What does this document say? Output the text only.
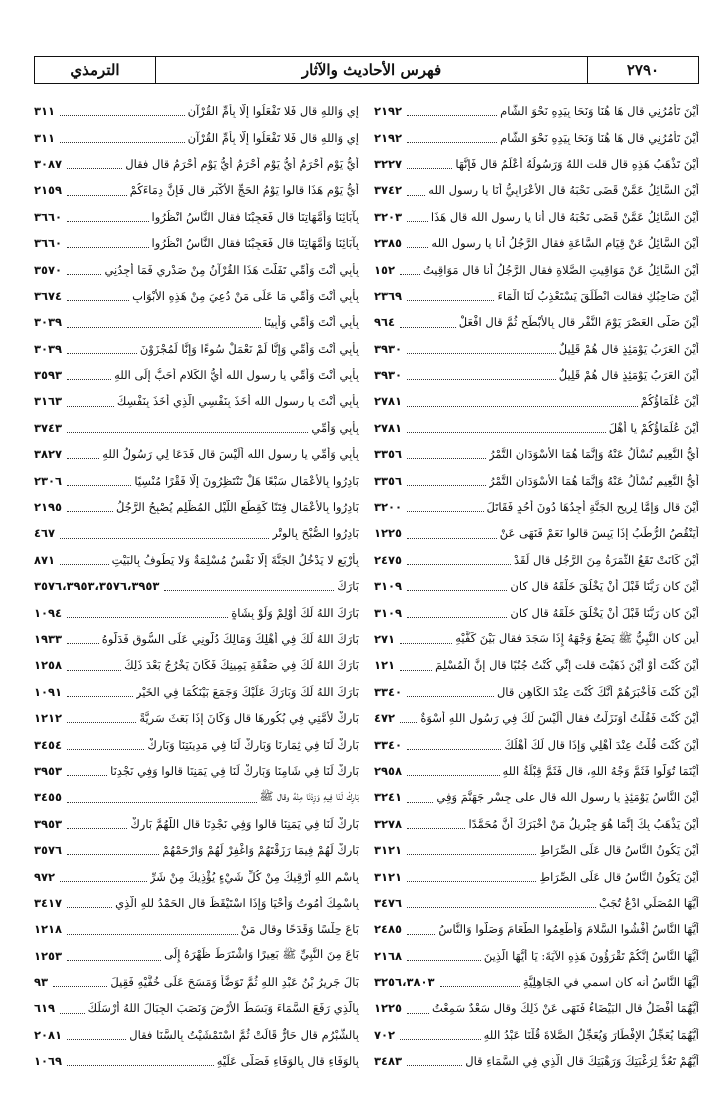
الترمذي	فهرس الأحاديث والآثار	٢٧٩٠
٣١١	إِي وَاللهِ قال فَلا تَفْعَلُوا إِلَّا بِأُمِّ القُرْآنِ
٣١١	إِي وَاللهِ قال فَلا تَفْعَلُوا إِلَّا بِأُمِّ القُرْآنِ
٣٠٨٧	أَيُّ يَوْمٍ أَحْرَمُ أَيُّ يَوْمٍ أَحْرَمُ أَيُّ يَوْمٍ أَحْرَمُ قال فقال
٢١٥٩	أَيُّ يَوْمٍ هَذَا قالوا يَوْمُ الحَجِّ الأَكْبَرِ قال فَإِنَّ دِمَاءَكُمْ
٣٦٦٠	بِآبَائِنَا وَأُمَّهَاتِنَا قال فَعَجِبْنَا فقال النَّاسُ انْظُرُوا
٣٦٦٠	بِآبَائِنَا وَأُمَّهَاتِنَا قال فَعَجِبْنَا فقال النَّاسُ انْظُرُوا
٣٥٧٠	بِأَبِي أَنْتَ وَأُمِّي تَفَلَّتَ هَذَا القُرْآنُ مِنْ صَدْرِي فَمَا أَجِدُنِي
٣٦٧٤	بِأَبِي أَنْتَ وَأُمِّي مَا عَلَى مَنْ دُعِيَ مِنْ هَذِهِ الأَبْوَابِ
٣٠٣٩	بِأَبِي أَنْتَ وَأُمِّي وَأَبِينَا
٣٠٣٩	بِأَبِي أَنْتَ وَأُمِّي وَإِنَّا لَمْ نَعْمَلْ سُوءًا وَإِنَّا لَمُجْزَوْنَ
٣٥٩٣	بِأَبِي أَنْتَ وَأُمِّي يا رسول الله أَيُّ الكَلامِ أَحَبُّ إِلَى اللهِ
٣١٦٣	بِأَبِي أَنْتَ يا رسول الله أَخَذَ بِنَفْسِي الَّذِي أَخَذَ بِنَفْسِكَ
٣٧٤٣	بِأَبِي وَأُمِّي
٣٨٢٧	بِأَبِي وَأُمِّي يا رسول الله أَلَيْسَ قال فَدَعَا لِي رَسُولُ اللهِ
٢٣٠٦	بَادِرُوا بِالأَعْمَالِ سَبْعًا هَلْ تَنْتَظِرُونَ إِلَّا فَقْرًا مُنْسِيًا
٢١٩٥	بَادِرُوا بِالأَعْمَالِ فِتَنًا كَقِطَعِ اللَّيْلِ المُظْلِمِ يُصْبِحُ الرَّجُلُ
٤٦٧	بَادِرُوا الصُّبْحَ بِالوِتْرِ
٨٧١	بِأَرْبَعٍ لا يَدْخُلُ الجَنَّةَ إِلَّا نَفْسٌ مُسْلِمَةٌ وَلا يَطُوفُ بِالبَيْتِ
٣٥٧٦،٣٩٥٣،٣٥٧٦،٣٩٥٣	بَارَكَ
١٠٩٤	بَارَكَ اللهُ لَكَ أَوْلِمْ وَلَوْ بِشَاةٍ
١٩٣٣	بَارَكَ اللهُ لَكَ فِي أَهْلِكَ وَمَالِكَ دُلُّونِي عَلَى السُّوقِ فَدَلُّوهُ
١٢٥٨	بَارَكَ اللهُ لَكَ فِي صَفْقَةِ يَمِينِكَ فَكَانَ يَخْرُجُ بَعْدَ ذَلِكَ
١٠٩١	بَارَكَ اللهُ لَكَ وَبَارَكَ عَلَيْكَ وَجَمَعَ بَيْنَكُمَا فِي الخَيْرِ
١٢١٢	بَارِكْ لأُمَّتِي فِي بُكُورِهَا قال وَكَانَ إِذَا بَعَثَ سَرِيَّةً
٣٤٥٤	بَارِكْ لَنَا فِي ثِمَارِنَا وَبَارِكْ لَنَا فِي مَدِينَتِنَا وَبَارِكْ
٣٩٥٣	بَارِكْ لَنَا فِي شَامِنَا وَبَارِكْ لَنَا فِي يَمَنِنَا قالوا وَفِي نَجْدِنَا
٣٤٥٥	بَارِكْ لَنَا فِيهِ وَزِدْنَا مِنْهُ وقال ﷺ
٣٩٥٣	بَارِكْ لَنَا فِي يَمَنِنَا قالوا وَفِي نَجْدِنَا قال اللَّهُمَّ بَارِكْ
٣٥٧٦	بَارِكْ لَهُمْ فِيمَا رَزَقْتَهُمْ وَاغْفِرْ لَهُمْ وَارْحَمْهُمْ
٩٧٢	بِاسْمِ اللهِ أَرْقِيكَ مِنْ كُلِّ شَيْءٍ يُؤْذِيكَ مِنْ شَرِّ
٣٤١٧	بِاسْمِكَ أَمُوتُ وَأَحْيَا وَإِذَا اسْتَيْقَظَ قال الحَمْدُ للهِ الَّذِي
١٢١٨	بَاعَ حِلْسًا وَقَدَحًا وقال مَنْ
١٢٥٣	بَاعَ مِنَ النَّبِيِّ ﷺ بَعِيرًا وَاشْتَرَطَ ظَهْرَهُ إِلَى
٩٣	بَالَ جَرِيرُ بْنُ عَبْدِ اللهِ ثُمَّ تَوَضَّأَ وَمَسَحَ عَلَى خُفَّيْهِ فَقِيلَ
٦١٩	بِالَّذِي رَفَعَ السَّمَاءَ وَبَسَطَ الأَرْضَ وَنَصَبَ الجِبَالَ اللهُ أَرْسَلَكَ
٢٠٨١	بِالشُّبْرُمِ قال حَارٌّ قَالَتْ ثُمَّ اسْتَمْشَيْتُ بِالسَّنَا فقال
١٠٦٩	بِالوَفَاءِ قال بِالوَفَاءِ فَصَلَّى عَلَيْهِ
٢١٩٢	أَيْنَ تَأْمُرُنِي قال هَا هُنَا وَنَحَا بِيَدِهِ نَحْوَ الشَّام
٢١٩٢	أَيْنَ تَأْمُرُنِي قال هَا هُنَا وَنَحَا بِيَدِهِ نَحْوَ الشَّام
٣٢٢٧	أَيْنَ تَذْهَبُ هَذِهِ قال قلت اللهُ وَرَسُولُهُ أَعْلَمُ قال فَإِنَّهَا
٣٧٤٢ أَيْنَ السَّائِلُ عَمَّنْ قَضَى نَحْبَهُ قال الأَعْرَابِيُّ أَنَا يا رسول الله
٣٢٠٣	أَيْنَ السَّائِلُ عَمَّنْ قَضَى نَحْبَهُ قال أنا يا رسول الله قال هَذَا
٢٣٨٥	أَيْنَ السَّائِلُ عَنْ قِيَامِ السَّاعَةِ فقال الرَّجُلُ أنا يا رسول الله
١٥٢ أَيْنَ السَّائِلُ عَنْ مَوَاقِيتِ الصَّلاةِ فقال الرَّجُلُ أنا قال مَوَاقِيتُ
٢٣٦٩	أَيْنَ صَاحِبُكِ فقالت انْطَلَقَ يَسْتَعْذِبُ لَنَا الْمَاءَ
٩٦٤	أَيْنَ صَلَّى العَصْرَ يَوْمَ النَّفْرِ قال بِالأَبْطَحِ ثُمَّ قال افْعَلْ
٣٩٣٠	أَيْنَ العَرَبُ يَوْمَئِذٍ قال هُمْ قَلِيلٌ
٣٩٣٠	أَيْنَ العَرَبُ يَوْمَئِذٍ قال هُمْ قَلِيلٌ
٢٧٨١	أَيْنَ عُلَمَاؤُكُمْ
٢٧٨١	أَيْنَ عُلَمَاؤُكُمْ يا أَهْلَ
٣٣٥٦	أَيُّ النَّعِيمِ نُسْأَلُ عَنْهُ وَإِنَّمَا هُمَا الأَسْوَدَانِ التَّمْرُ
٣٣٥٦	أَيُّ النَّعِيمِ نُسْأَلُ عَنْهُ وَإِنَّمَا هُمَا الأَسْوَدَانِ التَّمْرُ
٣٢٠٠	أَيْنَ قال وَإِمَّا لِرِيحِ الجَنَّةِ أَجِدُهَا دُونَ أُحُدٍ فَقَاتَلَ
١٢٢٥	أَيَنْقُصُ الرُّطَبُ إِذَا يَبِسَ قالوا نَعَمْ فَنَهَى عَنْ
٢٤٧٥	أَيْنَ كَانَتْ تَقَعُ الثَّمَرَةُ مِنَ الرَّجُلِ قال لَقَدْ
٣١٠٩	أَيْنَ كان رَبُّنَا قَبْلَ أَنْ يَخْلُقَ خَلْقَهُ قال كان
٣١٠٩	أَيْنَ كان رَبُّنَا قَبْلَ أَنْ يَخْلُقَ خَلْقَهُ قال كان
٢٧١	أين كان النَّبِيُّ ﷺ يَضَعُ وَجْهَهُ إِذَا سَجَدَ فقال بَيْنَ كَفَّيْهِ
١٢١	أَيْنَ كُنْتَ أَوْ أَيْنَ ذَهَبْتَ قلت إِنِّي كُنْتُ جُنُبًا قال إِنَّ الْمُسْلِمَ
٣٣٤٠	أَيْنَ كُنْتَ فَأَخْبَرَهُمْ أَنَّكَ كُنْتَ عِنْدَ الكَاهِنِ قال
٤٧٢ أَيْنَ كُنْتَ فَقُلْتُ أَوَنَزَلْتُ فقال أَلَيْسَ لَكَ فِي رَسُولِ اللهِ أُسْوَةٌ
٣٣٤٠	أَيْنَ كُنْتَ قُلْتُ عِنْدَ أَهْلِي وَإِذَا قال لَكَ أَهْلُكَ
٢٩٥٨	أَيْنَمَا تُوَلُّوا فَثَمَّ وَجْهُ اللهِ، قال فَثَمَّ قِبْلَةُ اللهِ
٣٢٤١	أَيْنَ النَّاسُ يَوْمَئِذٍ يا رسول الله قال على جِسْرِ جَهَنَّمَ وَفِي
٣٢٧٨	أَيْنَ يَذْهَبُ بِكَ إِنَّمَا هُوَ جِبْرِيلُ مَنْ أَخْبَرَكَ أَنَّ مُحَمَّدًا
٣١٢١	أَيْنَ يَكُونُ النَّاسُ قال عَلَى الصِّرَاطِ
٣١٢١	أَيْنَ يَكُونُ النَّاسُ قال عَلَى الصِّرَاطِ
٣٤٧٦	أَيُّهَا المُصَلِّي ادْعُ تُجَبْ
٢٤٨٥	أَيُّهَا النَّاسُ أَفْشُوا السَّلامَ وَأَطْعِمُوا الطَّعَامَ وَصَلُّوا وَالنَّاسُ
٢١٦٨	أَيُّهَا النَّاسُ إِنَّكُمْ تَقْرَؤُونَ هَذِهِ الآيَةَ: يَا أَيُّهَا الَّذِينَ
٣٢٥٦،٣٨٠٣	أَيُّهَا النَّاسُ أنه كان اسمي في الجَاهِلِيَّةِ
١٢٢٥	أَيُّهُمَا أَفْضَلُ قال البَيْضَاءُ فَنَهَى عَنْ ذَلِكَ وقال سَعْدٌ سَمِعْتُ
٧٠٢	أَيُّهُمَا يُعَجِّلُ الإِفْطَارَ وَيُعَجِّلُ الصَّلاةَ قُلْنَا عَبْدُ اللهِ
٣٤٨٣	أَيُّهُمْ تَعُدُّ لِرَغْبَتِكَ وَرَهْبَتِكَ قال الَّذِي فِي السَّمَاءِ قال
